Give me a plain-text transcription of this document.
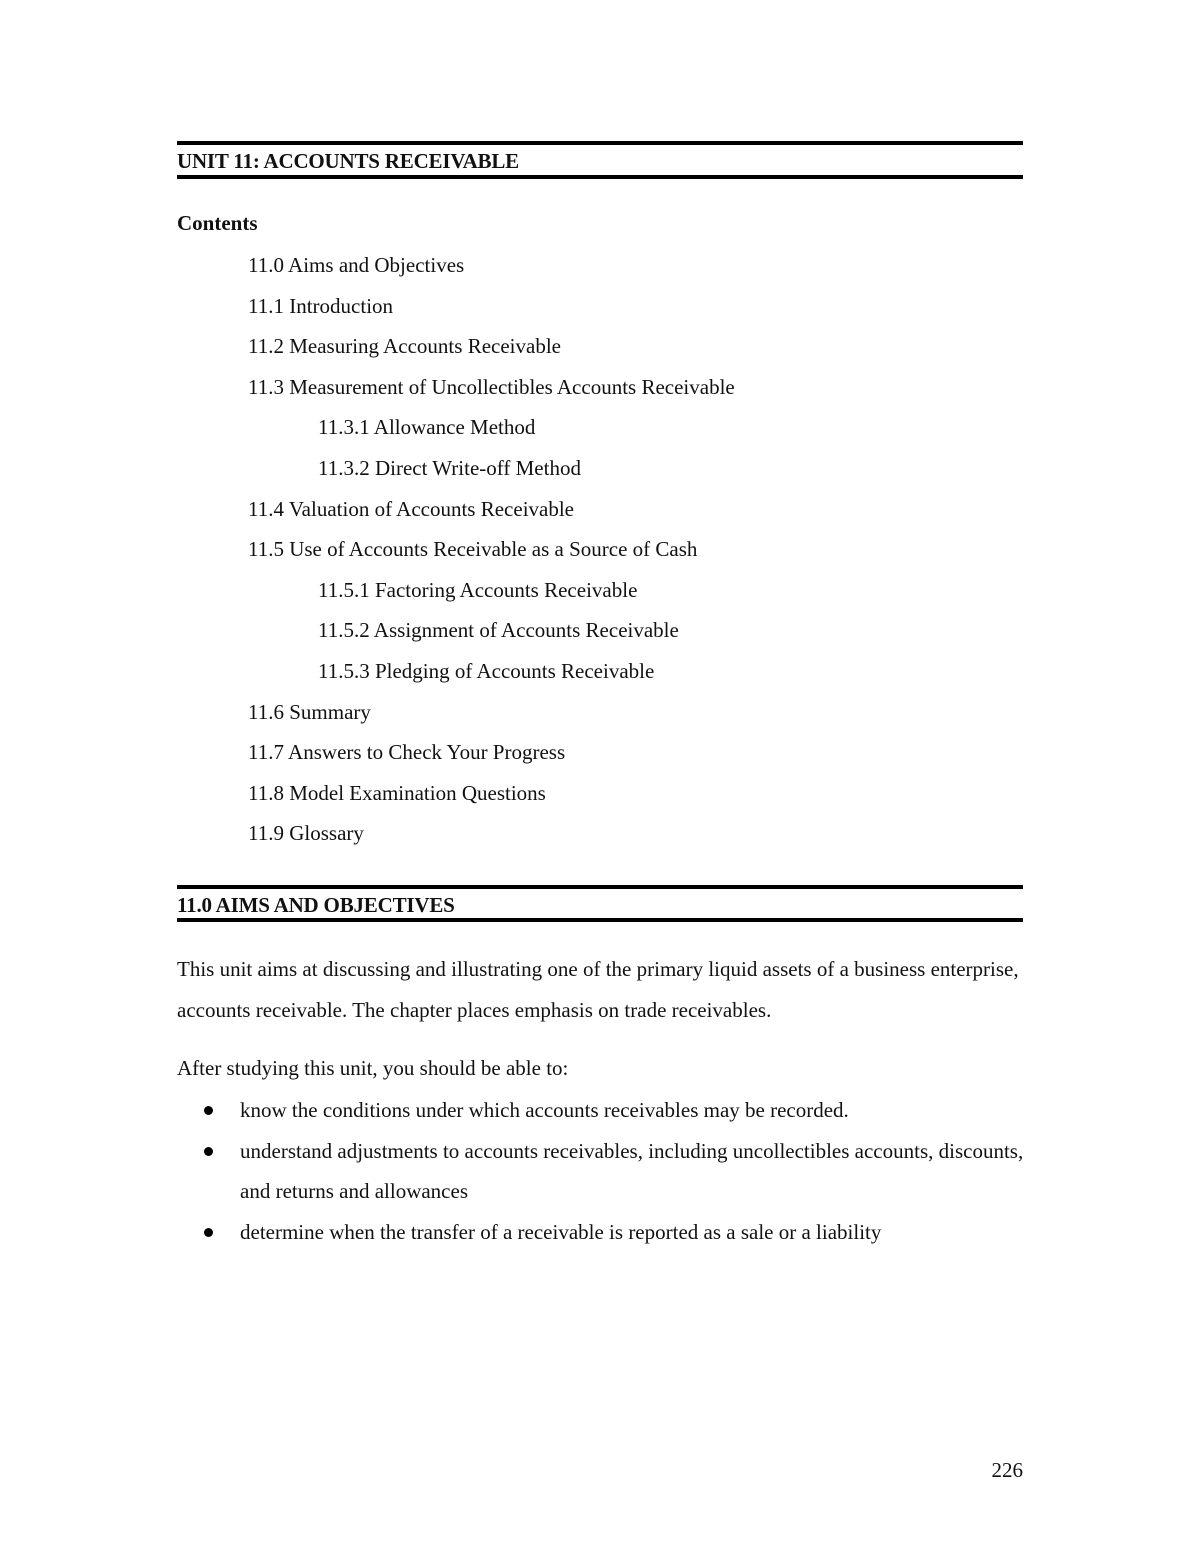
UNIT 11: ACCOUNTS RECEIVABLE
Contents
11.0 Aims and Objectives
11.1 Introduction
11.2 Measuring Accounts Receivable
11.3 Measurement of Uncollectibles Accounts Receivable
11.3.1 Allowance Method
11.3.2 Direct Write-off Method
11.4 Valuation of Accounts Receivable
11.5 Use of Accounts Receivable as a Source of Cash
11.5.1 Factoring Accounts Receivable
11.5.2 Assignment of Accounts Receivable
11.5.3 Pledging of Accounts Receivable
11.6 Summary
11.7 Answers to Check Your Progress
11.8 Model Examination Questions
11.9 Glossary
11.0 AIMS AND OBJECTIVES

This unit aims at discussing and illustrating one of the primary liquid assets of a business enterprise, accounts receivable. The chapter places emphasis on trade receivables.

After studying this unit, you should be able to:

know the conditions under which accounts receivables may be recorded.
understand adjustments to accounts receivables, including uncollectibles accounts, discounts, and returns and allowances
determine when the transfer of a receivable is reported as a sale or a liability
226
